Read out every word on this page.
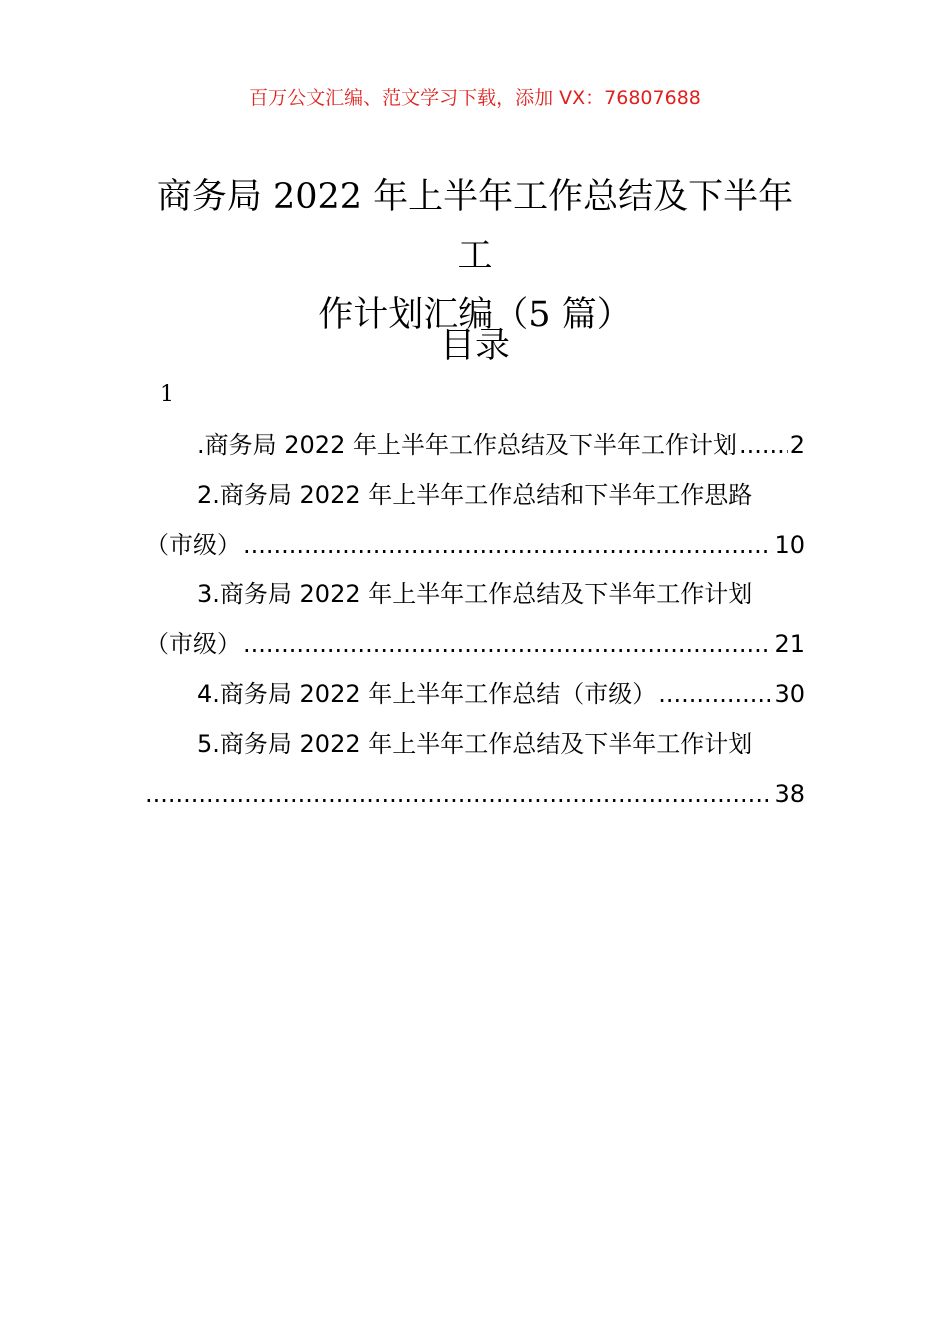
百万公文汇编、范文学习下载，添加 VX：76807688
商务局 2022 年上半年工作总结及下半年工
作计划汇编（5 篇）
目录
1
.商务局 2022 年上半年工作总结及下半年工作计划 ..... 2
2.商务局 2022 年上半年工作总结和下半年工作思路
（市级） .....	10
3.商务局 2022 年上半年工作总结及下半年工作计划
（市级） .....	21
4.商务局 2022 年上半年工作总结（市级） .....	30
5.商务局 2022 年上半年工作总结及下半年工作计划
.....
38
